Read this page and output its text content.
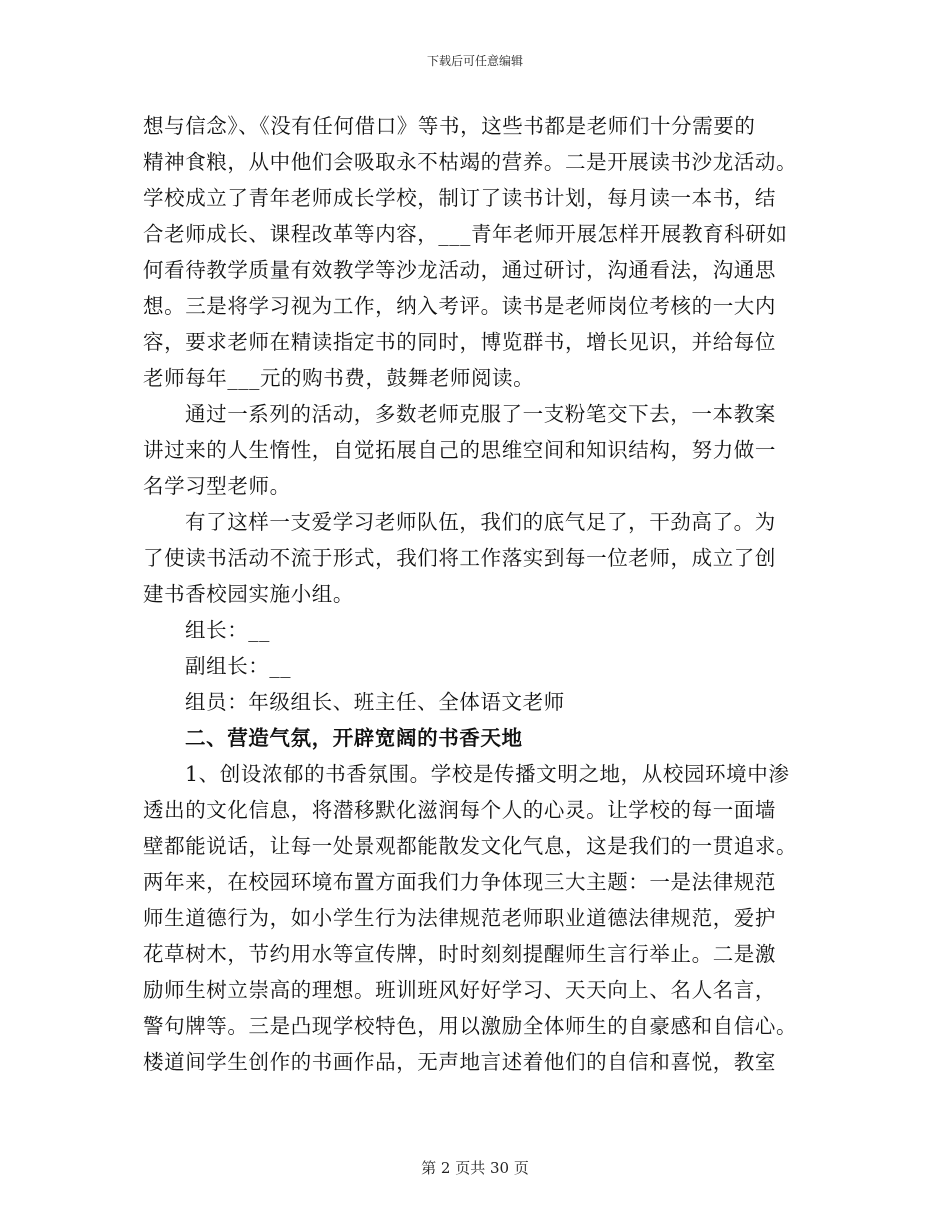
下载后可任意编辑
想与信念》、《没有任何借口》等书，这些书都是老师们十分需要的
精神食粮，从中他们会吸取永不枯竭的营养。二是开展读书沙龙活动。
学校成立了青年老师成长学校，制订了读书计划，每月读一本书，结
合老师成长、课程改革等内容，___青年老师开展怎样开展教育科研如
何看待教学质量有效教学等沙龙活动，通过研讨，沟通看法，沟通思
想。三是将学习视为工作，纳入考评。读书是老师岗位考核的一大内
容，要求老师在精读指定书的同时，博览群书，增长见识，并给每位
老师每年___元的购书费，鼓舞老师阅读。
通过一系列的活动，多数老师克服了一支粉笔交下去，一本教案
讲过来的人生惰性，自觉拓展自己的思维空间和知识结构，努力做一
名学习型老师。
有了这样一支爱学习老师队伍，我们的底气足了，干劲高了。为
了使读书活动不流于形式，我们将工作落实到每一位老师，成立了创
建书香校园实施小组。
组长：__
副组长：__
组员：年级组长、班主任、全体语文老师
二、营造气氛，开辟宽阔的书香天地
1、创设浓郁的书香氛围。学校是传播文明之地，从校园环境中渗
透出的文化信息，将潜移默化滋润每个人的心灵。让学校的每一面墙
壁都能说话，让每一处景观都能散发文化气息，这是我们的一贯追求。
两年来，在校园环境布置方面我们力争体现三大主题：一是法律规范
师生道德行为，如小学生行为法律规范老师职业道德法律规范，爱护
花草树木，节约用水等宣传牌，时时刻刻提醒师生言行举止。二是激
励师生树立崇高的理想。班训班风好好学习、天天向上、名人名言，
警句牌等。三是凸现学校特色，用以激励全体师生的自豪感和自信心。
楼道间学生创作的书画作品，无声地言述着他们的自信和喜悦，教室
第 2 页共 30 页
